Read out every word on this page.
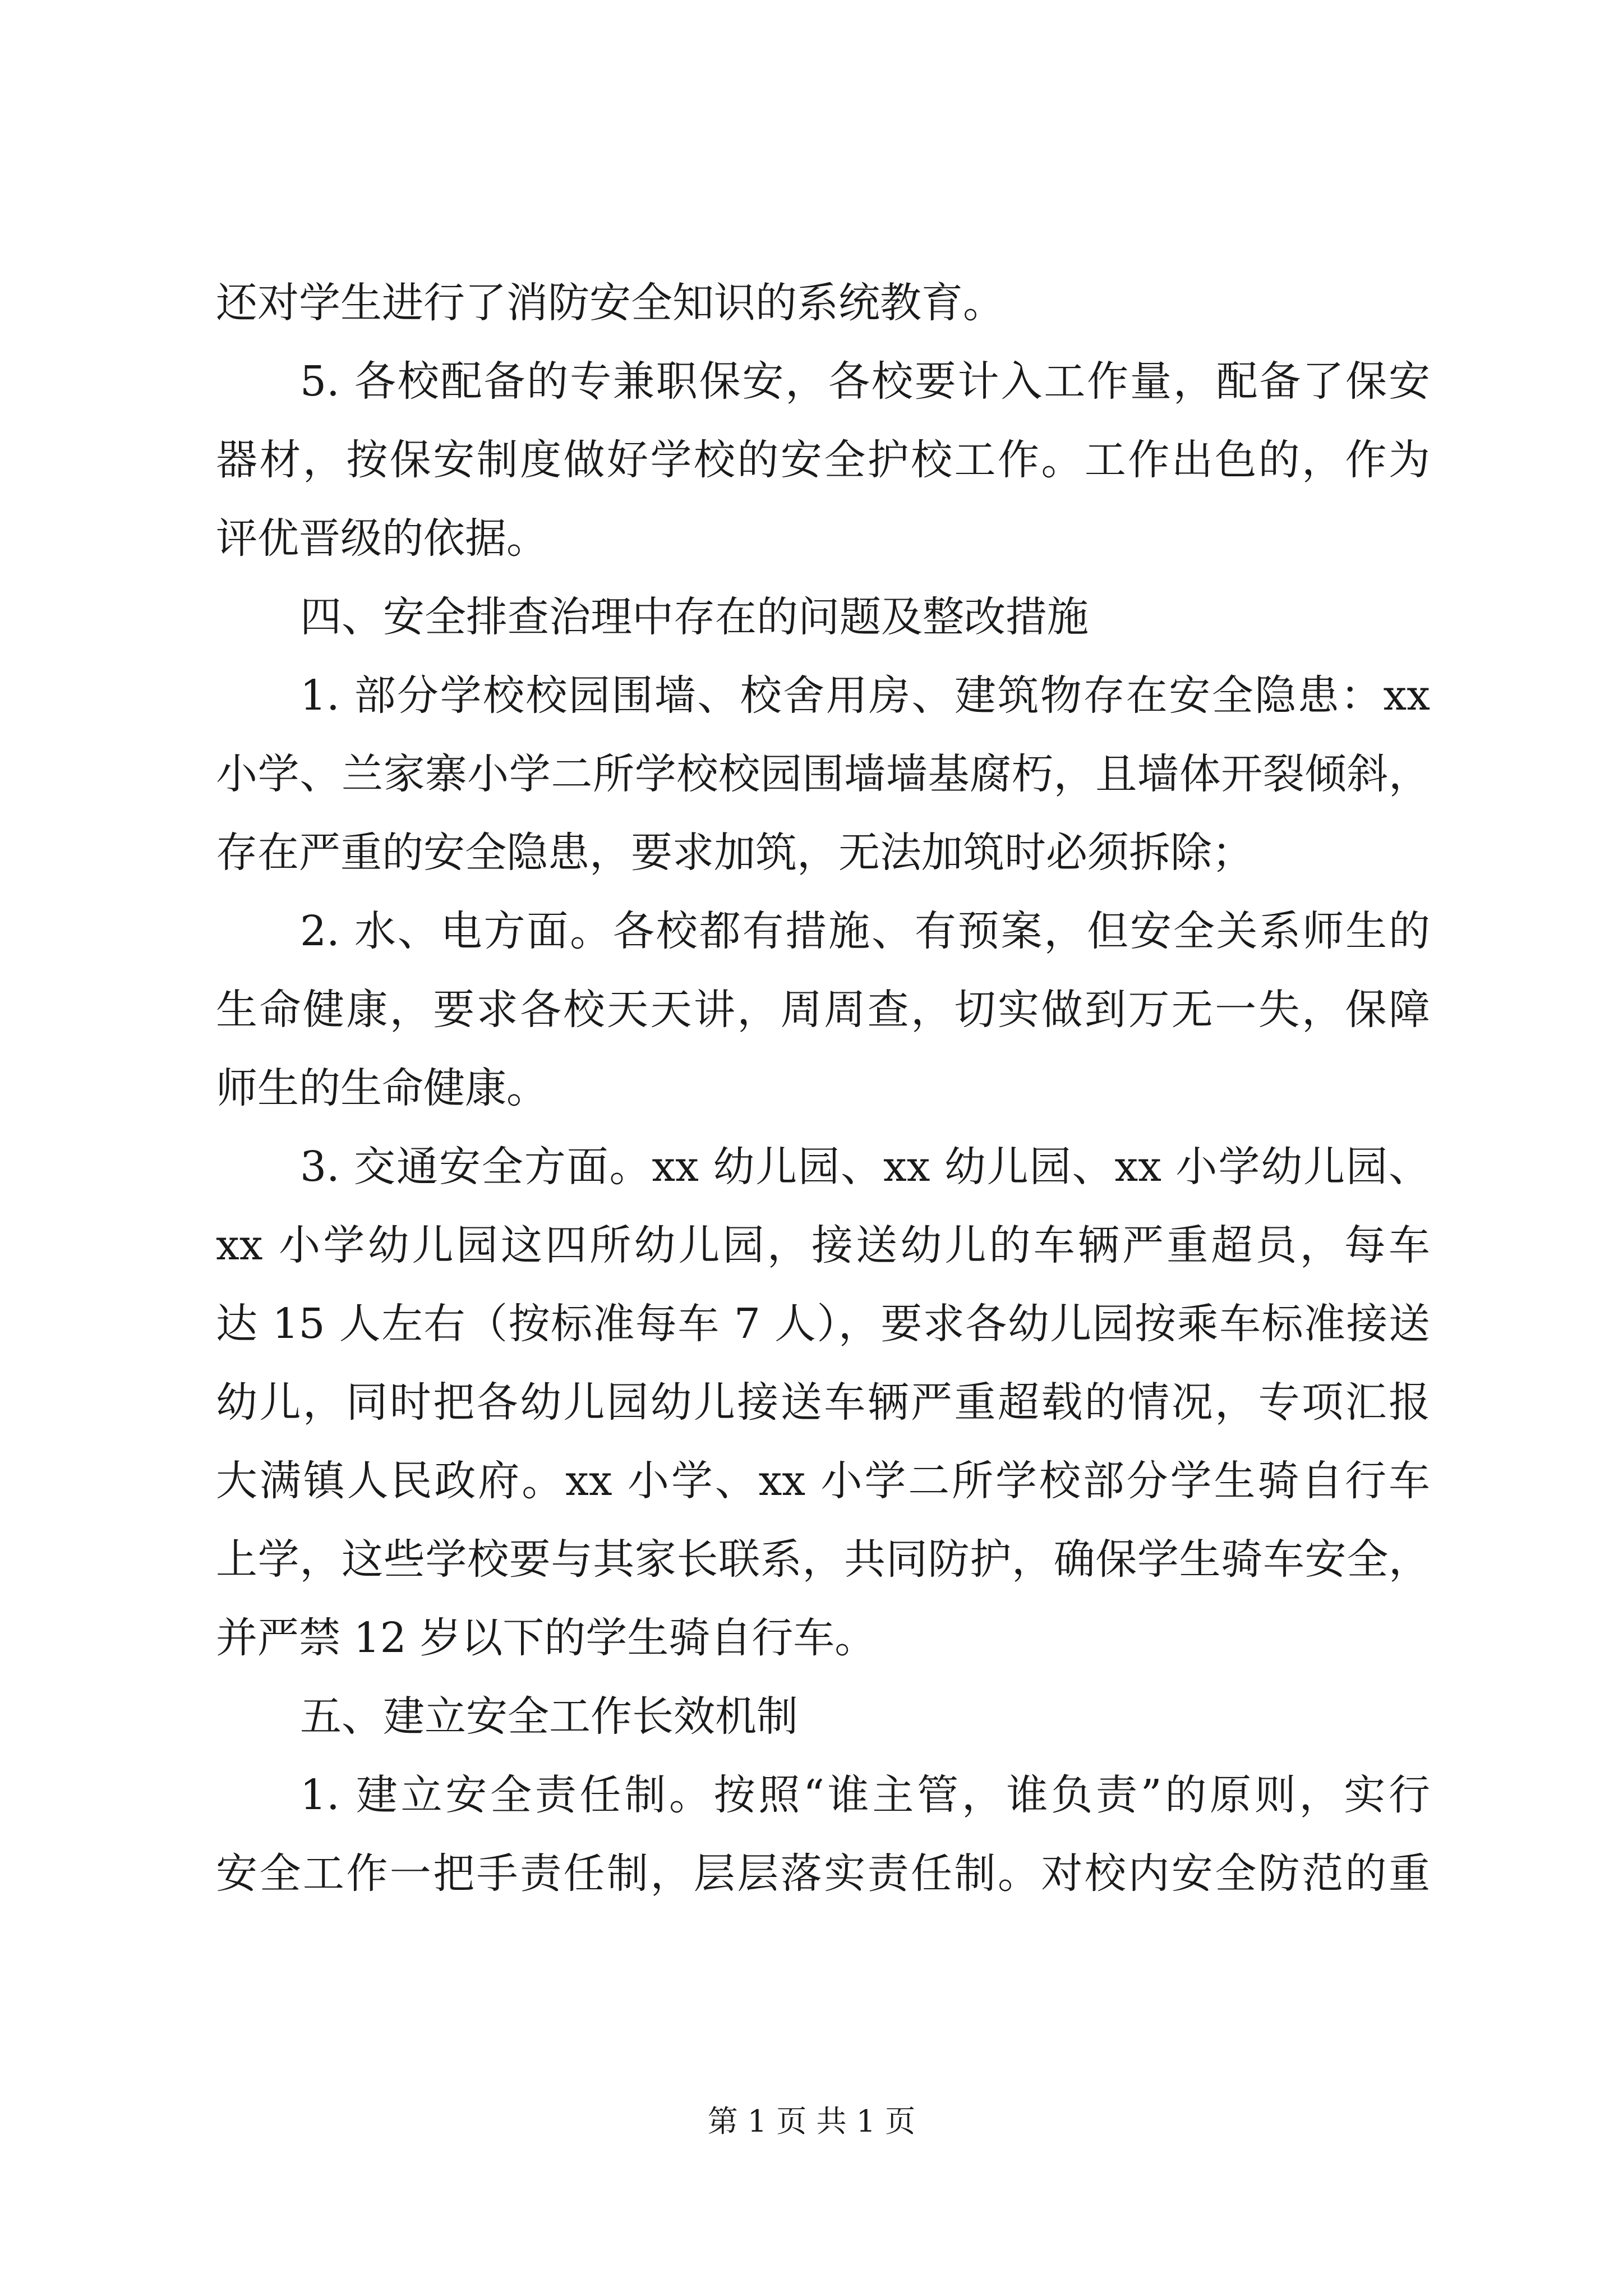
还对学生进行了消防安全知识的系统教育。
5. 各校配备的专兼职保安，各校要计入工作量，配备了保安
器材，按保安制度做好学校的安全护校工作。工作出色的，作为
评优晋级的依据。
四、安全排查治理中存在的问题及整改措施
1. 部分学校校园围墙、校舍用房、建筑物存在安全隐患：xx
小学、兰家寨小学二所学校校园围墙墙基腐朽，且墙体开裂倾斜，
存在严重的安全隐患，要求加筑，无法加筑时必须拆除；
2. 水、电方面。各校都有措施、有预案，但安全关系师生的
生命健康，要求各校天天讲，周周查，切实做到万无一失，保障
师生的生命健康。
3. 交通安全方面。xx 幼儿园、xx 幼儿园、xx 小学幼儿园、
xx 小学幼儿园这四所幼儿园，接送幼儿的车辆严重超员，每车
达 15 人左右（按标准每车 7 人），要求各幼儿园按乘车标准接送
幼儿，同时把各幼儿园幼儿接送车辆严重超载的情况，专项汇报
大满镇人民政府。xx 小学、xx 小学二所学校部分学生骑自行车
上学，这些学校要与其家长联系，共同防护，确保学生骑车安全，
并严禁 12 岁以下的学生骑自行车。
五、建立安全工作长效机制
1. 建立安全责任制。按照“谁主管，谁负责”的原则，实行
安全工作一把手责任制，层层落实责任制。对校内安全防范的重
第 1 页 共 1 页
